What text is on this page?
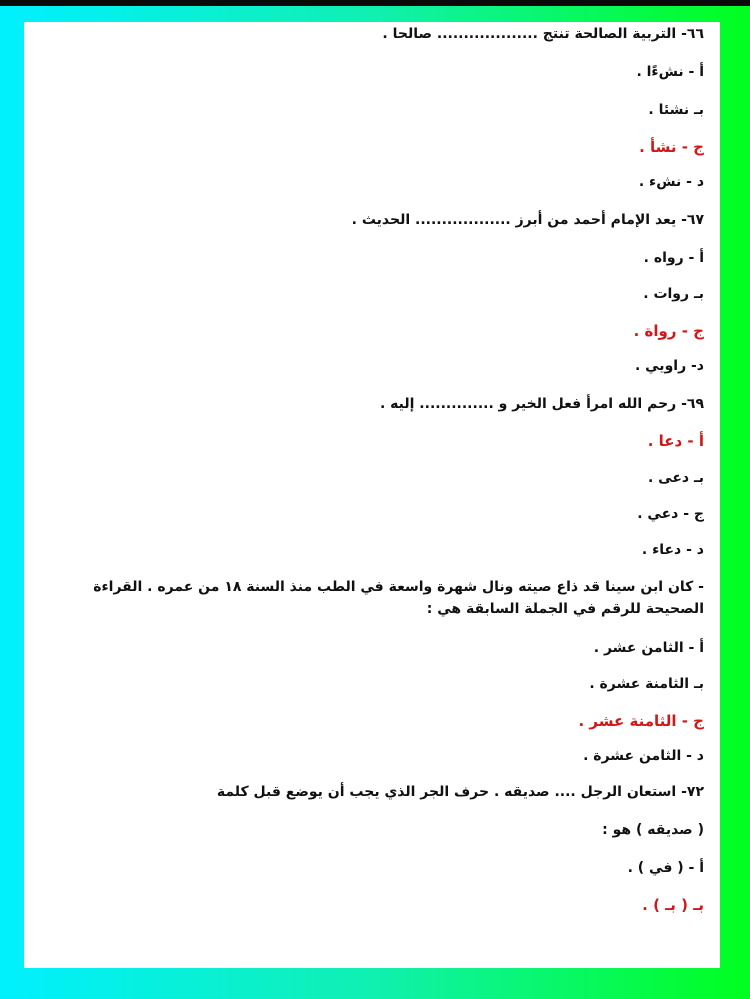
٦٦- التربية الصالحة تنتج ................... صالحا .
أ - نشءًا .
بـ نشئا .
ج - نشأ .
د - نشء .
٦٧- يعد الإمام أحمد من أبرز .................. الحديث .
أ - رواه .
بـ روات .
ج - رواة .
د- راويي .
٦٩- رحم الله امرأ فعل الخير و .............. إليه .
أ - دعا .
بـ دعى .
ج - دعي .
د - دعاء .
- كان ابن سينا قد ذاع صيته ونال شهرة واسعة في الطب منذ السنة ١٨ من عمره . القراءة الصحيحة للرقم في الجملة السابقة هي :
أ - الثامن عشر .
بـ الثامنة عشرة .
ج - الثامنة عشر .
د - الثامن عشرة .
٧٢- استعان الرجل .... صديقه . حرف الجر الذي يجب أن يوضع قبل كلمة
( صديقه ) هو :
أ - ( في ) .
بـ ( بـ ) .
